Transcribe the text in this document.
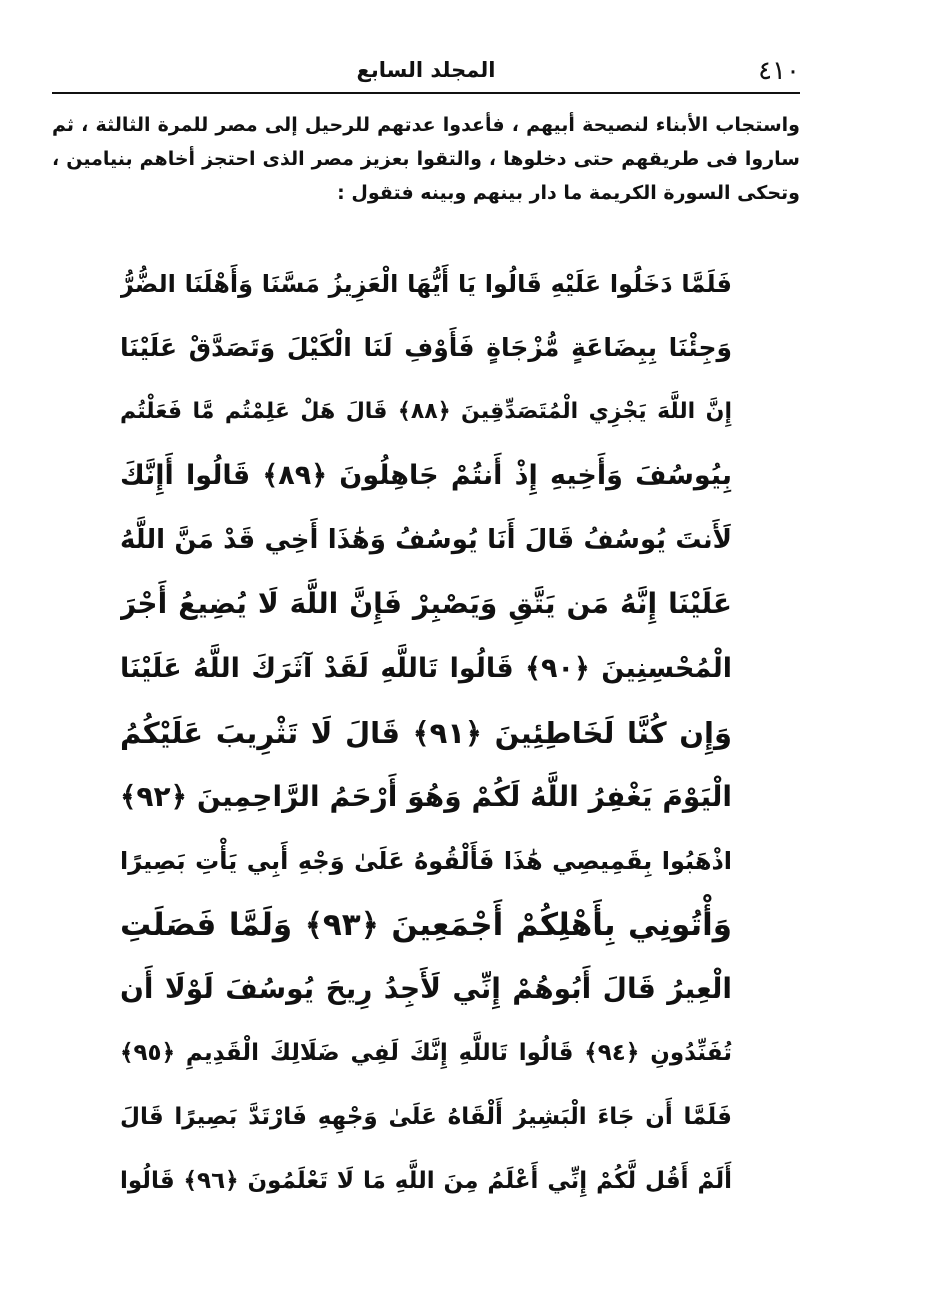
٤١٠
المجلد السابع

واستجاب الأبناء لنصيحة أبيهم ، فأعدوا عدتهم للرحيل إلى مصر للمرة الثالثة ، ثم ساروا فى طريقهم حتى دخلوها ، والتقوا بعزيز مصر الذى احتجز أخاهم بنيامين ، وتحكى السورة الكريمة ما دار بينهم وبينه فتقول :

فَلَمَّا دَخَلُوا عَلَيْهِ قَالُوا يَا أَيُّهَا الْعَزِيزُ مَسَّنَا وَأَهْلَنَا الضُّرُّ
وَجِئْنَا بِبِضَاعَةٍ مُّزْجَاةٍ فَأَوْفِ لَنَا الْكَيْلَ وَتَصَدَّقْ عَلَيْنَا
إِنَّ اللَّهَ يَجْزِي الْمُتَصَدِّقِينَ ﴿٨٨﴾ قَالَ هَلْ عَلِمْتُم مَّا فَعَلْتُم
بِيُوسُفَ وَأَخِيهِ إِذْ أَنتُمْ جَاهِلُونَ ﴿٨٩﴾ قَالُوا أَإِنَّكَ
لَأَنتَ يُوسُفُ قَالَ أَنَا يُوسُفُ وَهَٰذَا أَخِي قَدْ مَنَّ اللَّهُ
عَلَيْنَا إِنَّهُ مَن يَتَّقِ وَيَصْبِرْ فَإِنَّ اللَّهَ لَا يُضِيعُ أَجْرَ
الْمُحْسِنِينَ ﴿٩٠﴾ قَالُوا تَاللَّهِ لَقَدْ آثَرَكَ اللَّهُ عَلَيْنَا
وَإِن كُنَّا لَخَاطِئِينَ ﴿٩١﴾ قَالَ لَا تَثْرِيبَ عَلَيْكُمُ
الْيَوْمَ يَغْفِرُ اللَّهُ لَكُمْ وَهُوَ أَرْحَمُ الرَّاحِمِينَ ﴿٩٢﴾
اذْهَبُوا بِقَمِيصِي هَٰذَا فَأَلْقُوهُ عَلَىٰ وَجْهِ أَبِي يَأْتِ بَصِيرًا
وَأْتُونِي بِأَهْلِكُمْ أَجْمَعِينَ ﴿٩٣﴾ وَلَمَّا فَصَلَتِ
الْعِيرُ قَالَ أَبُوهُمْ إِنِّي لَأَجِدُ رِيحَ يُوسُفَ لَوْلَا أَن
تُفَنِّدُونِ ﴿٩٤﴾ قَالُوا تَاللَّهِ إِنَّكَ لَفِي ضَلَالِكَ الْقَدِيمِ ﴿٩٥﴾
فَلَمَّا أَن جَاءَ الْبَشِيرُ أَلْقَاهُ عَلَىٰ وَجْهِهِ فَارْتَدَّ بَصِيرًا قَالَ
أَلَمْ أَقُل لَّكُمْ إِنِّي أَعْلَمُ مِنَ اللَّهِ مَا لَا تَعْلَمُونَ ﴿٩٦﴾ قَالُوا
